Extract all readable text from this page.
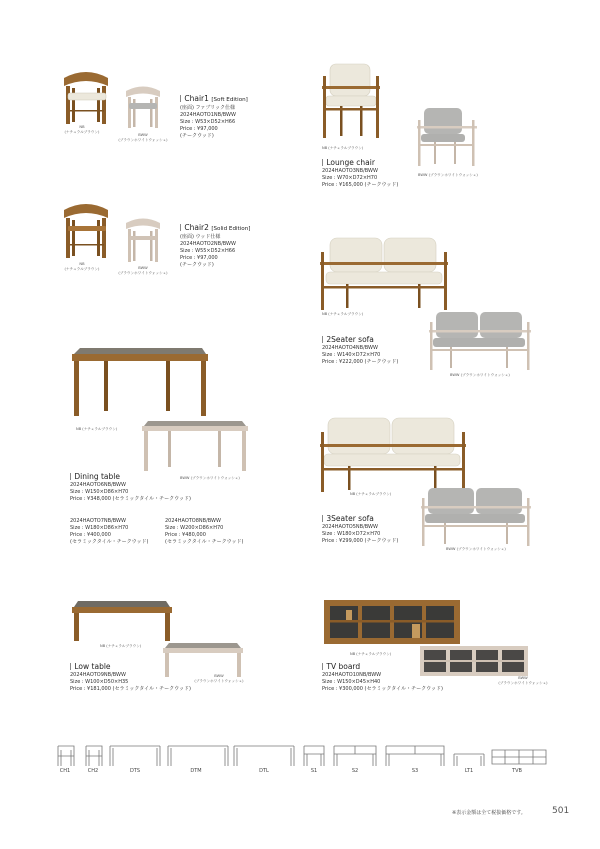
NB
(ナチュラルブラウン)
BWW
(ブラウンホワイトウォッシュ)
Chair1 [Soft Edition]
(座面) ファブリック仕様
2024HAOTO1NB/BWW
Size : W53×D52×H66
Price : ¥97,000
(チークウッド)
NB
(ナチュラルブラウン)	BWW
(ブラウンホワイトウォッシュ)
Chair2 [Solid Edition]
(座面) ウッド仕様
2024HAOTO2NB/BWW
Size : W55×D52×H66
Price : ¥97,000
(チークウッド)
NB (ナチュラルブラウン)
BWW (ブラウンホワイトウォッシュ)
Lounge chair
2024HAOTO3NB/BWW
Size : W70×D72×H70
Price : ¥165,000 (チークウッド)
NB (ナチュラルブラウン)
BWW (ブラウンホワイトウォッシュ)
2Seater sofa
2024HAOTO4NB/BWW
Size : W140×D72×H70
Price : ¥222,000 (チークウッド)
NB (ナチュラルブラウン)
BWW (ブラウンホワイトウォッシュ)
Dining table
2024HAOTO6NB/BWW
Size : W150×D86×H70
Price : ¥348,000 (セラミックタイル・チークウッド)
2024HAOTO7NB/BWW
Size : W180×D86×H70
Price : ¥400,000
(セラミックタイル・チークウッド)
2024HAOTO8NB/BWW
Size : W200×D86×H70
Price : ¥480,000
(セラミックタイル・チークウッド)
NB (ナチュラルブラウン)
BWW (ブラウンホワイトウォッシュ)
3Seater sofa
2024HAOTO5NB/BWW
Size : W180×D72×H70
Price : ¥299,000 (チークウッド)
NB (ナチュラルブラウン)
BWW
(ブラウンホワイトウォッシュ)
Low table
2024HAOTO9NB/BWW
Size : W100×D50×H35
Price : ¥181,000 (セラミックタイル・チークウッド)
NB (ナチュラルブラウン)
BWW
(ブラウンホワイトウォッシュ)
TV board
2024HAOTO10NB/BWW
Size : W150×D45×H40
Price : ¥300,000 (セラミックタイル・チークウッド)
CH1	CH2	DTS	DTM	DTL	S1	S2	S3	LT1	TVB
※表示金額は全て税抜価格です。	501
